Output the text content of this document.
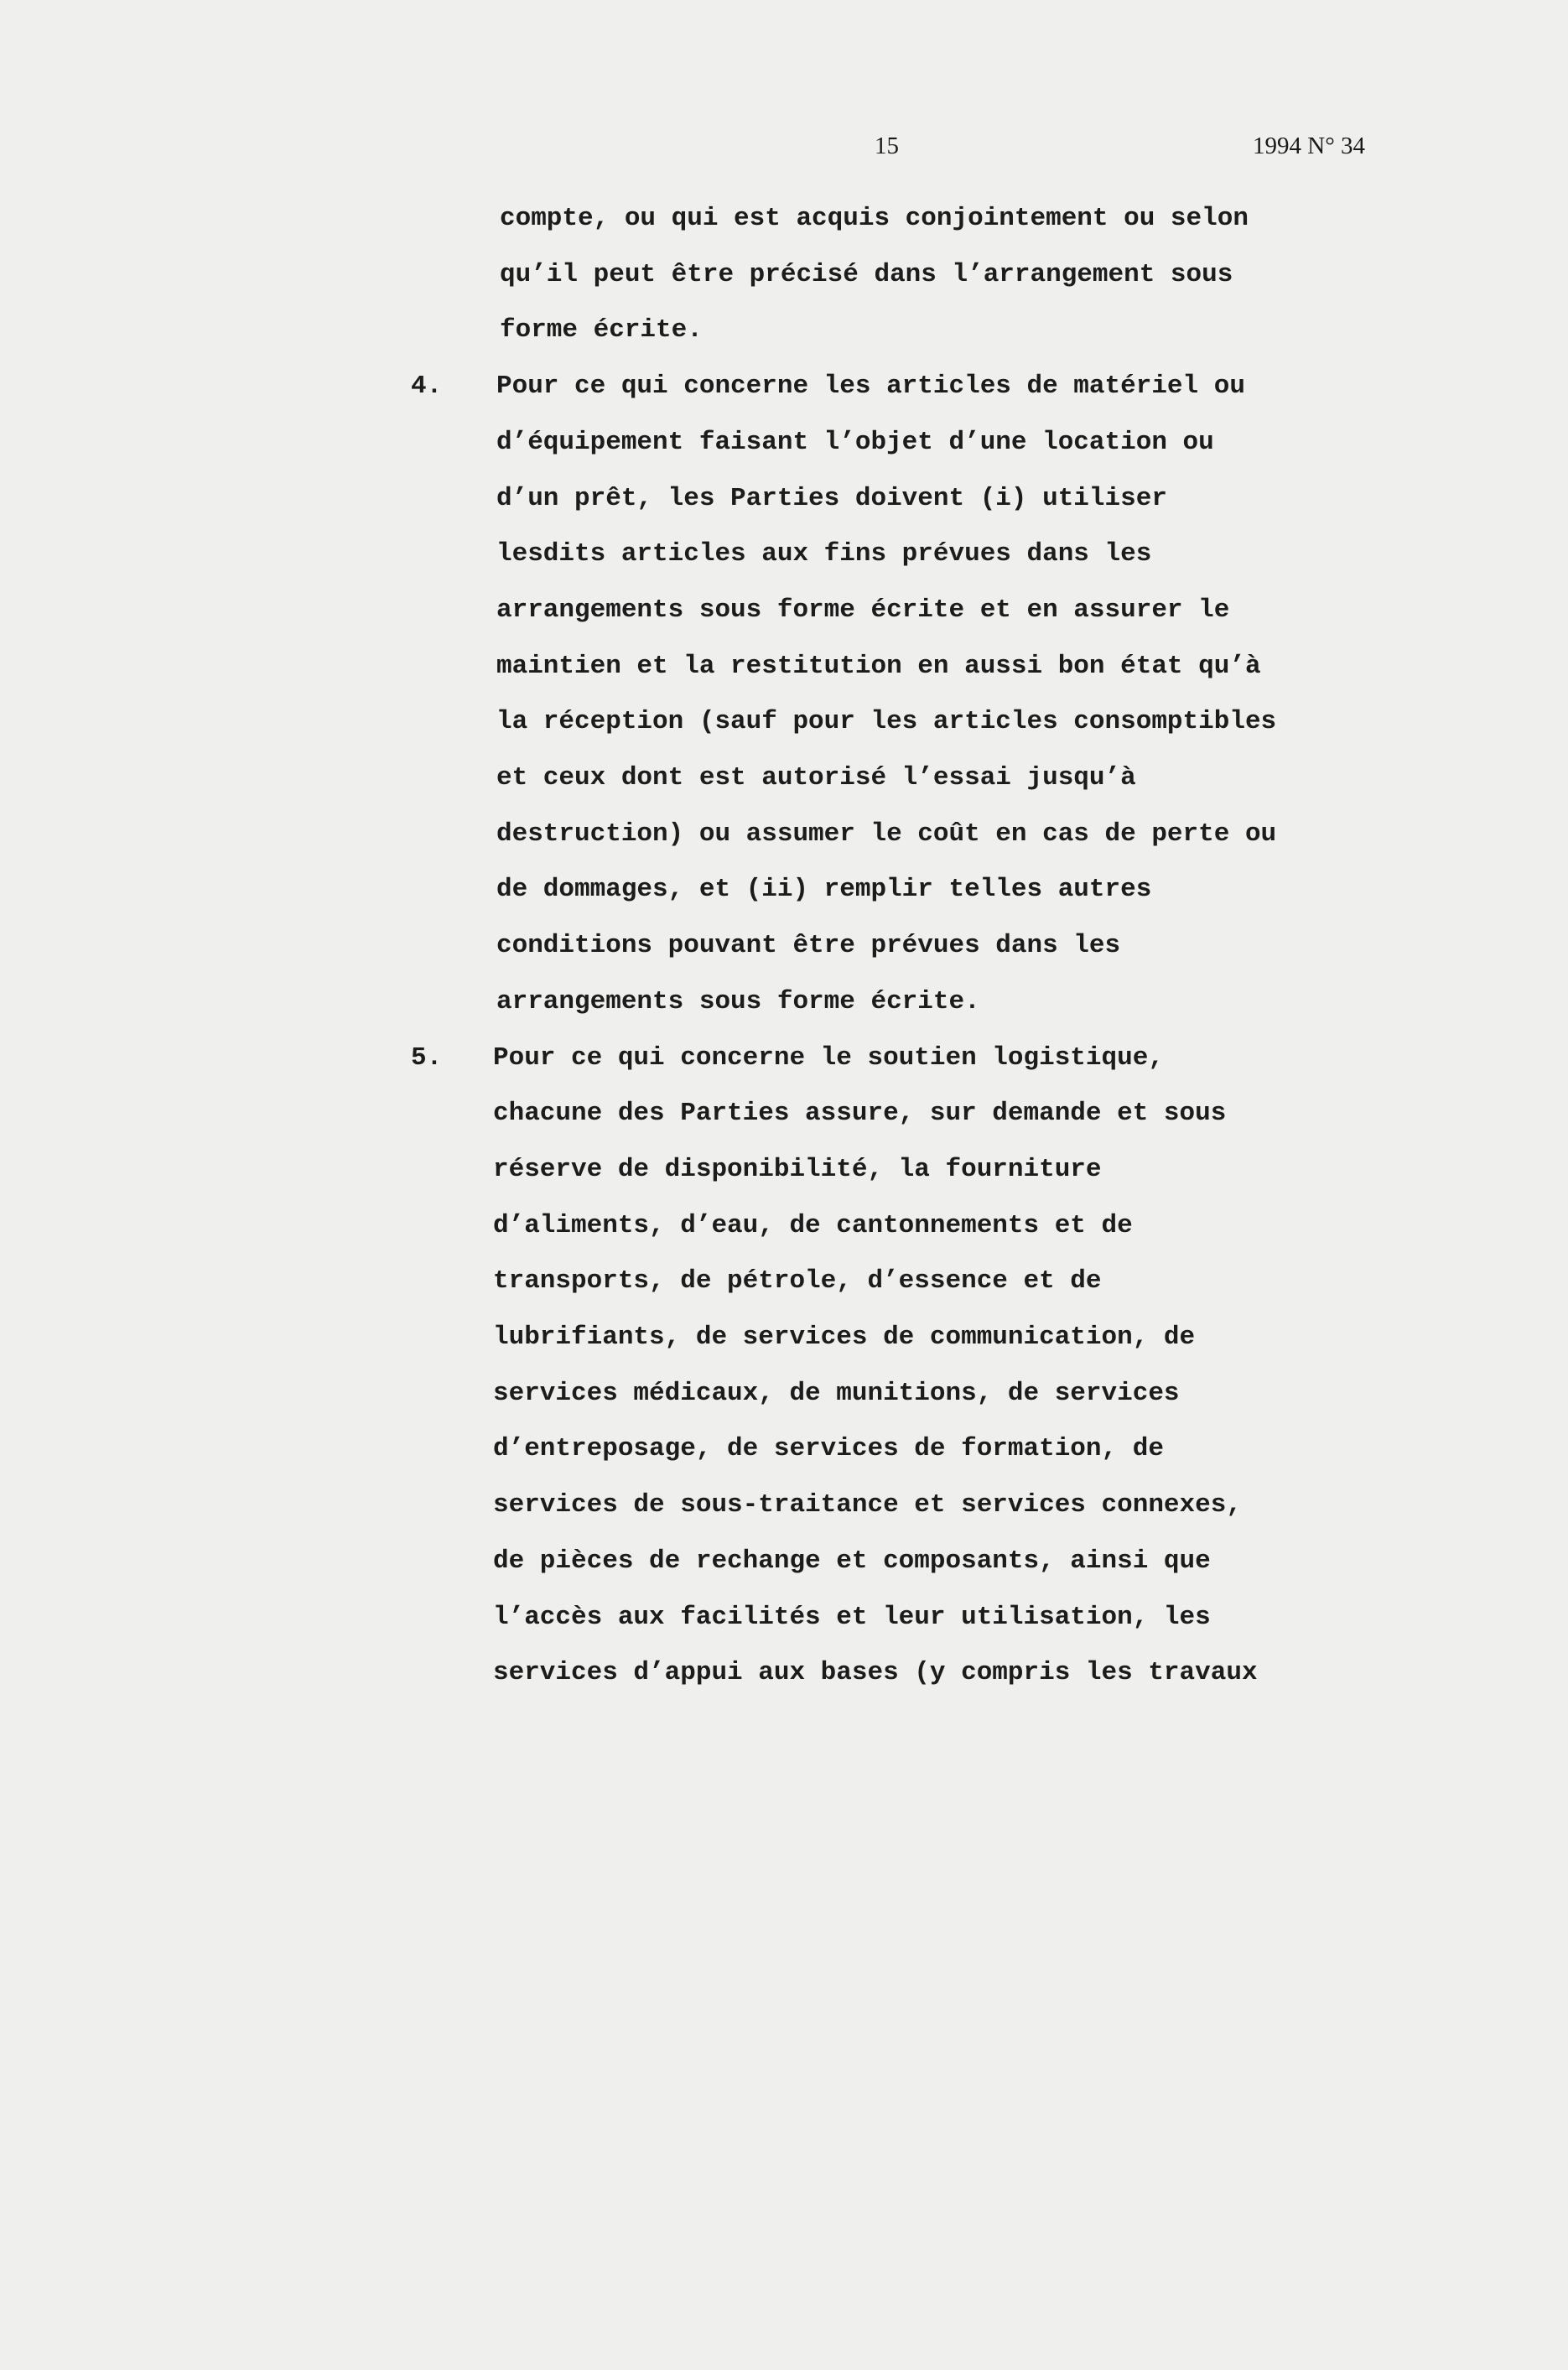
15	1994 N° 34
compte, ou qui est acquis conjointement ou selon
qu’il peut être précisé dans l’arrangement sous
forme écrite.
4. Pour ce qui concerne les articles de matériel ou
d’équipement faisant l’objet d’une location ou
d’un prêt, les Parties doivent (i) utiliser
lesdits articles aux fins prévues dans les
arrangements sous forme écrite et en assurer le
maintien et la restitution en aussi bon état qu’à
la réception (sauf pour les articles consomptibles
et ceux dont est autorisé l’essai jusqu’à
destruction) ou assumer le coût en cas de perte ou
de dommages, et (ii) remplir telles autres
conditions pouvant être prévues dans les
arrangements sous forme écrite.
5. Pour ce qui concerne le soutien logistique,
chacune des Parties assure, sur demande et sous
réserve de disponibilité, la fourniture
d’aliments, d’eau, de cantonnements et de
transports, de pétrole, d’essence et de
lubrifiants, de services de communication, de
services médicaux, de munitions, de services
d’entreposage, de services de formation, de
services de sous-traitance et services connexes,
de pièces de rechange et composants, ainsi que
l’accès aux facilités et leur utilisation, les
services d’appui aux bases (y compris les travaux
